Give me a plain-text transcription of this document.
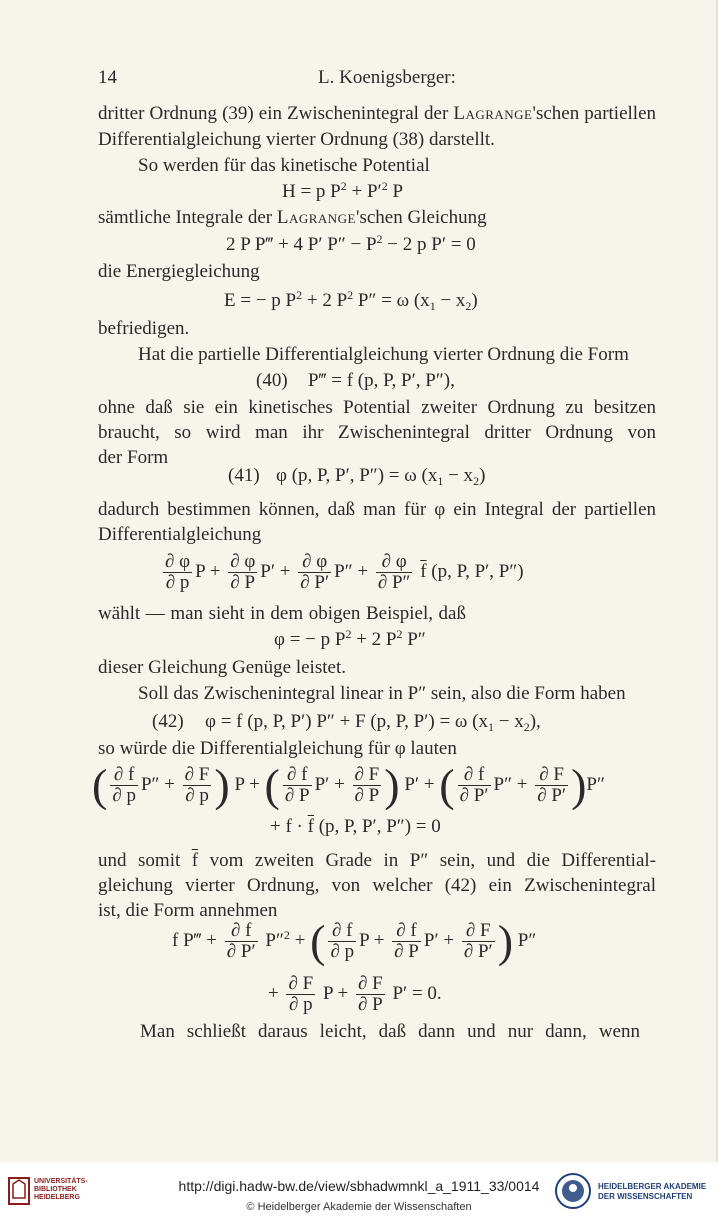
14	L. Koenigsberger:
dritter Ordnung (39) ein Zwischenintegral der Lagrange'schen partiellen
Differentialgleichung vierter Ordnung (38) darstellt.
So werden für das kinetische Potential
H = p $P^2 + P'^2$ P
sämtliche Integrale der Lagrange'schen Gleichung
2 P P‴ + 4 P′ $P'' - P^2 - 2$ p P′ = 0
die Energiegleichung
E = − p $P^2 + 2$ $P^2$ P″ = ω $(x_1 - x_2)$
befriedigen.
Hat die partielle Differentialgleichung vierter Ordnung die Form
(40) P‴ = f (p, P, P′, P″),
ohne daß sie ein kinetisches Potential zweiter Ordnung zu besitzen
braucht, so wird man ihr Zwischenintegral dritter Ordnung von
der Form
(41) φ (p, P, P′, P″) = ω $(x_1 - x_2)$
dadurch bestimmen können, daß man für φ ein Integral der partiellen
Differentialgleichung
$\frac{\partial \varphi}{\partial p}$ $P + \frac{\partial \varphi}{\partial P} P' + \frac{\partial \varphi}{\partial P'} P'' + \frac{\partial \varphi}{\partial P''} \overline{f}$ (p, P, P′, P″)
wählt — man sieht in dem obigen Beispiel, daß
φ = − p $P^2 + 2$ $P^2$ P″
dieser Gleichung Genüge leistet.
Soll das Zwischenintegral linear in P″ sein, also die Form haben
(42) φ = f (p, P, P′) P″ + F (p, P, P′) = ω $(x_1 - x_2)$,
so würde die Differentialgleichung für φ lauten
( $\frac{\partial f}{\partial p} P'' + \frac{\partial F}{\partial p}$ ) P + ( $\frac{\partial f}{\partial P} P' + \frac{\partial F}{\partial P}$ ) P′ + ( $\frac{\partial f}{\partial P'} P'' + \frac{\partial F}{\partial P'} )P''$
+ $f \cdot \overline{f}$ (p, P, P′, P″) = 0
und somit $\overline{f}$ vom zweiten Grade in P″ sein, und die Differential-
gleichung vierter Ordnung, von welcher (42) ein Zwischenintegral
ist, die Form annehmen
f P‴ + $\frac{\partial f}{\partial P'} P''^2$ + ( $\frac{\partial f}{\partial p}$ $P + \frac{\partial f}{\partial P} P' + \frac{\partial F}{\partial P'}$ ) P″
+ $\frac{\partial F}{\partial p}$ $P + \frac{\partial F}{\partial P} P' = 0$.
Man schließt daraus leicht, daß dann und nur dann, wenn
UNIVERSITÄTS-
BIBLIOTHEK
HEIDELBERG
http://digi.hadw-bw.de/view/sbhadwmnkl_a_1911_33/0014
© Heidelberger Akademie der Wissenschaften
HEIDELBERGER AKADEMIE
DER WISSENSCHAFTEN
